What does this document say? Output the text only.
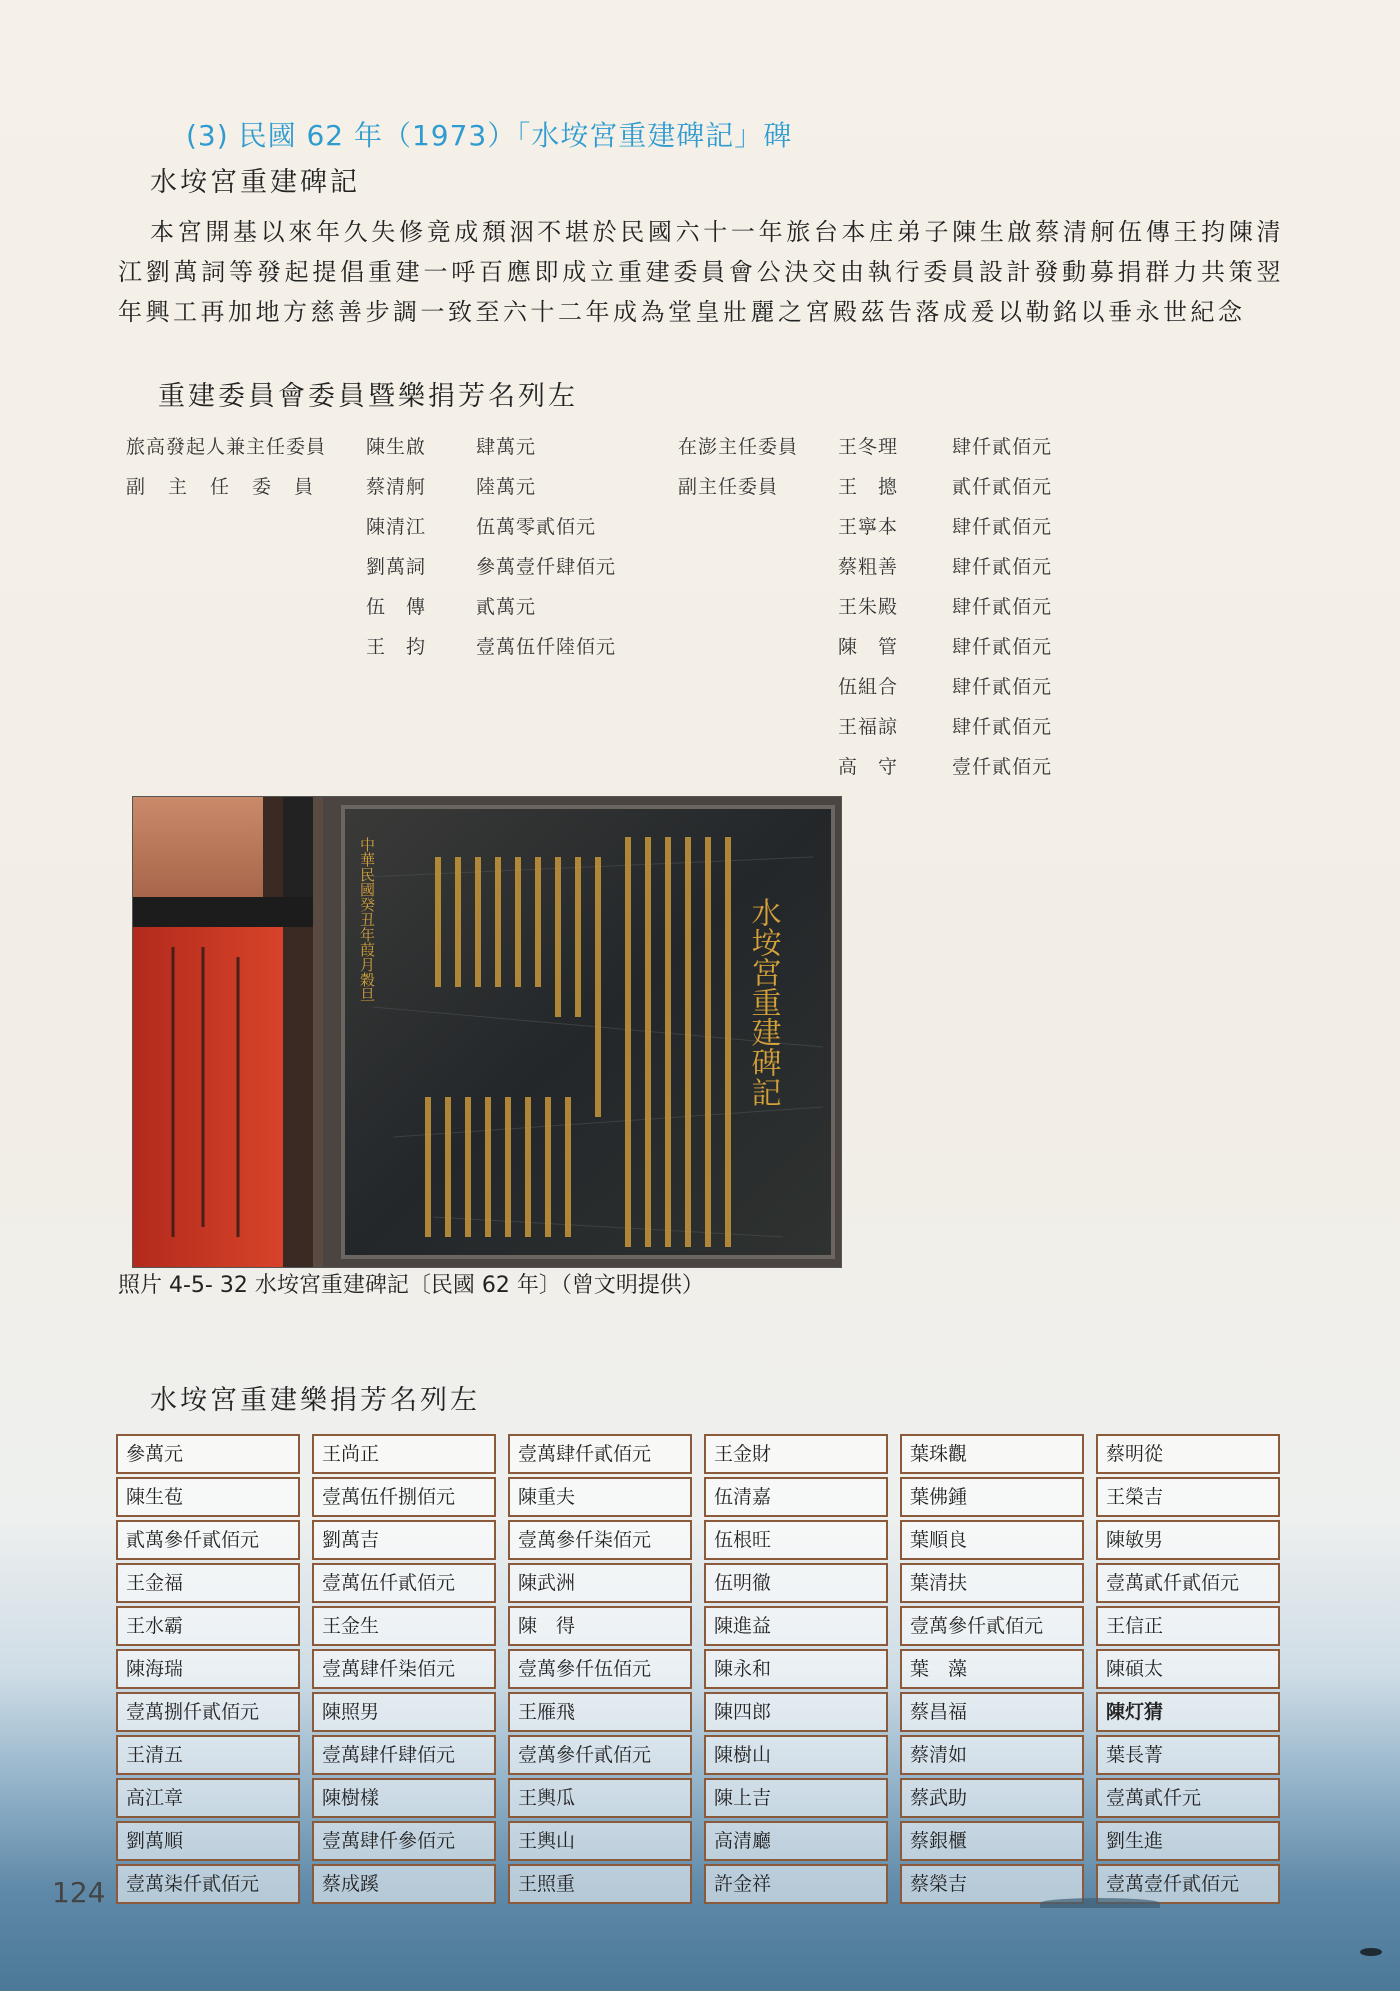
(3) 民國 62 年（1973）「水垵宮重建碑記」碑
水垵宮重建碑記
本宮開基以來年久失修竟成頹洇不堪於民國六十一年旅台本庄弟子陳生啟蔡清舸伍傳王抣陳清江劉萬詞等發起提倡重建一呼百應即成立重建委員會公決交由執行委員設計發動募捐群力共策翌年興工再加地方慈善步調一致至六十二年成為堂皇壯麗之宮殿茲告落成爰以勒銘以垂永世紀念
重建委員會委員暨樂捐芳名列左
旅高發起人兼主任委員
副　主　任　委　員
陳生啟
蔡清舸
陳清江
劉萬詞
伍　傳
王　抣
肆萬元
陸萬元
伍萬零貳佰元
參萬壹仟肆佰元
貳萬元
壹萬伍仟陸佰元
在澎主任委員
副主任委員
王冬理
王　摠
王寧本
蔡粗善
王朱殿
陳　管
伍組合
王福諒
高　守
肆仟貳佰元
貳仟貳佰元
肆仟貳佰元
肆仟貳佰元
肆仟貳佰元
肆仟貳佰元
肆仟貳佰元
肆仟貳佰元
壹仟貳佰元
水垵宮重建碑記
中華民國癸丑年葭月穀旦
照片 4-5- 32 水垵宮重建碑記〔民國 62 年〕（曾文明提供）
水垵宮重建樂捐芳名列左
參萬元
陳生苞
貳萬參仟貳佰元
王金福
王水霸
陳海瑞
壹萬捌仟貳佰元
王清五
高江章
劉萬順
壹萬柒仟貳佰元
王尚正
壹萬伍仟捌佰元
劉萬吉
壹萬伍仟貳佰元
王金生
壹萬肆仟柒佰元
陳照男
壹萬肆仟肆佰元
陳樹樣
壹萬肆仟參佰元
蔡成蹊
壹萬肆仟貳佰元
陳重夫
壹萬參仟柒佰元
陳武洲
陳　得
壹萬參仟伍佰元
王雁飛
壹萬參仟貳佰元
王輿瓜
王輿山
王照重
王金財
伍清嘉
伍根旺
伍明徹
陳進益
陳永和
陳四郎
陳樹山
陳上吉
高清廳
許金祥
葉珠觀
葉佛鍾
葉順良
葉清扶
壹萬參仟貳佰元
葉　藻
蔡昌福
蔡清如
蔡武助
蔡銀櫃
蔡榮吉
蔡明從
王榮吉
陳敏男
壹萬貳仟貳佰元
王信正
陳碩太
陳灯猜
葉長菁
壹萬貳仟元
劉生進
壹萬壹仟貳佰元
124
